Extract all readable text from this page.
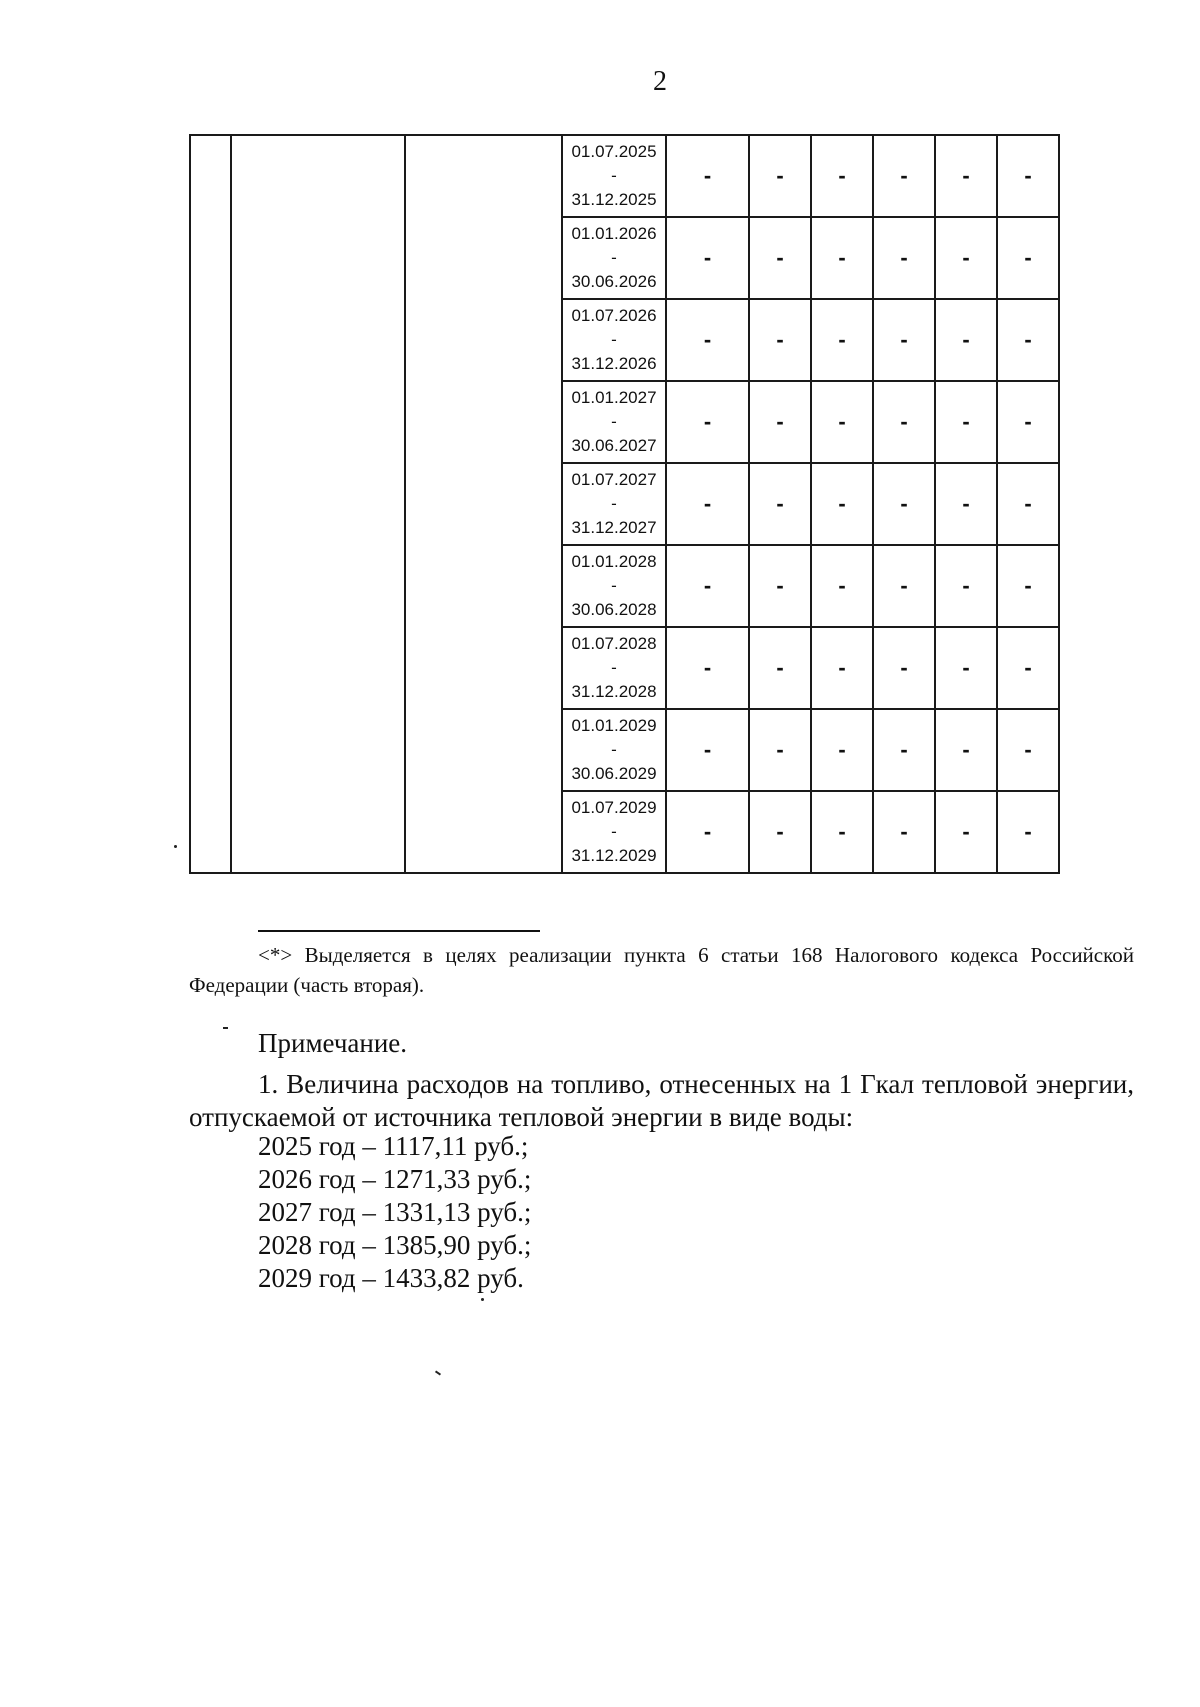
2

			01.07.2025
-
31.12.2025	-	-	-	-	-	-

			01.01.2026
-
30.06.2026	-	-	-	-	-	-

			01.07.2026
-
31.12.2026	-	-	-	-	-	-

			01.01.2027
-
30.06.2027	-	-	-	-	-	-

			01.07.2027
-
31.12.2027	-	-	-	-	-	-

			01.01.2028
-
30.06.2028	-	-	-	-	-	-

			01.07.2028
-
31.12.2028	-	-	-	-	-	-

			01.01.2029
-
30.06.2029	-	-	-	-	-	-

			01.07.2029
-
31.12.2029	-	-	-	-	-	-
<*> Выделяется в целях реализации пункта 6 статьи 168 Налогового кодекса Российской Федерации (часть вторая).
Примечание.
1. Величина расходов на топливо, отнесенных на 1 Гкал тепловой энергии, отпускаемой от источника тепловой энергии в виде воды:
2025 год – 1117,11 руб.;
2026 год – 1271,33 руб.;
2027 год – 1331,13 руб.;
2028 год – 1385,90 руб.;
2029 год – 1433,82 руб.
